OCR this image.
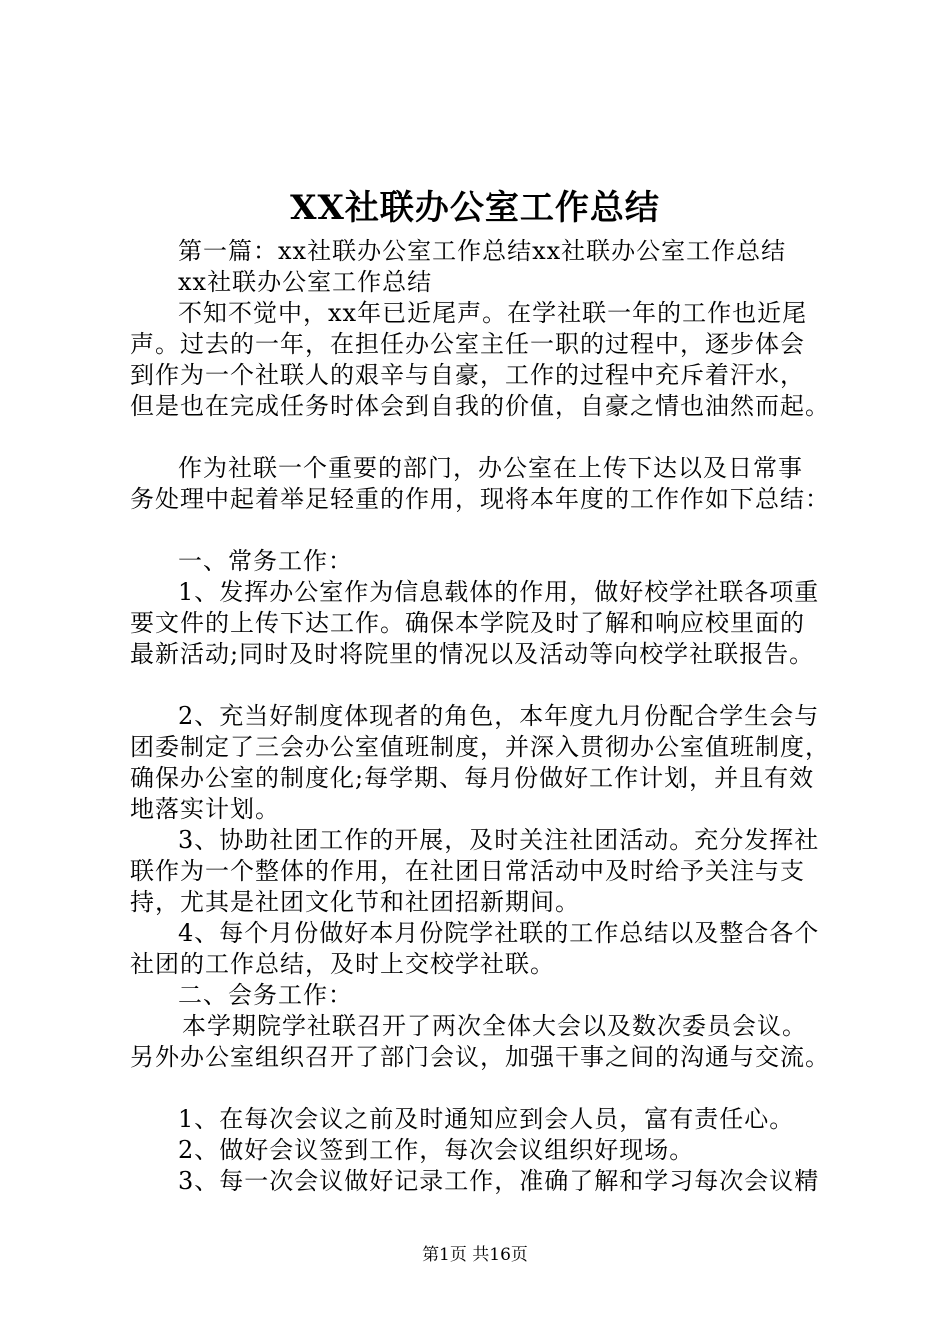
XX社联办公室工作总结

第一篇：xx社联办公室工作总结xx社联办公室工作总结

xx社联办公室工作总结

不知不觉中，xx年已近尾声。在学社联一年的工作也近尾

声。过去的一年，在担任办公室主任一职的过程中，逐步体会

到作为一个社联人的艰辛与自豪，工作的过程中充斥着汗水，

但是也在完成任务时体会到自我的价值，自豪之情也油然而起。

作为社联一个重要的部门，办公室在上传下达以及日常事

务处理中起着举足轻重的作用，现将本年度的工作作如下总结：

一、常务工作：

1、发挥办公室作为信息载体的作用，做好校学社联各项重

要文件的上传下达工作。确保本学院及时了解和响应校里面的

最新活动;同时及时将院里的情况以及活动等向校学社联报告。

2、充当好制度体现者的角色，本年度九月份配合学生会与

团委制定了三会办公室值班制度，并深入贯彻办公室值班制度，

确保办公室的制度化;每学期、每月份做好工作计划，并且有效

地落实计划。

3、协助社团工作的开展，及时关注社团活动。充分发挥社

联作为一个整体的作用，在社团日常活动中及时给予关注与支

持，尤其是社团文化节和社团招新期间。

4、每个月份做好本月份院学社联的工作总结以及整合各个

社团的工作总结，及时上交校学社联。

二、会务工作：

本学期院学社联召开了两次全体大会以及数次委员会议。

另外办公室组织召开了部门会议，加强干事之间的沟通与交流。

1、在每次会议之前及时通知应到会人员，富有责任心。

2、做好会议签到工作，每次会议组织好现场。

3、每一次会议做好记录工作，准确了解和学习每次会议精

第1页 共16页
